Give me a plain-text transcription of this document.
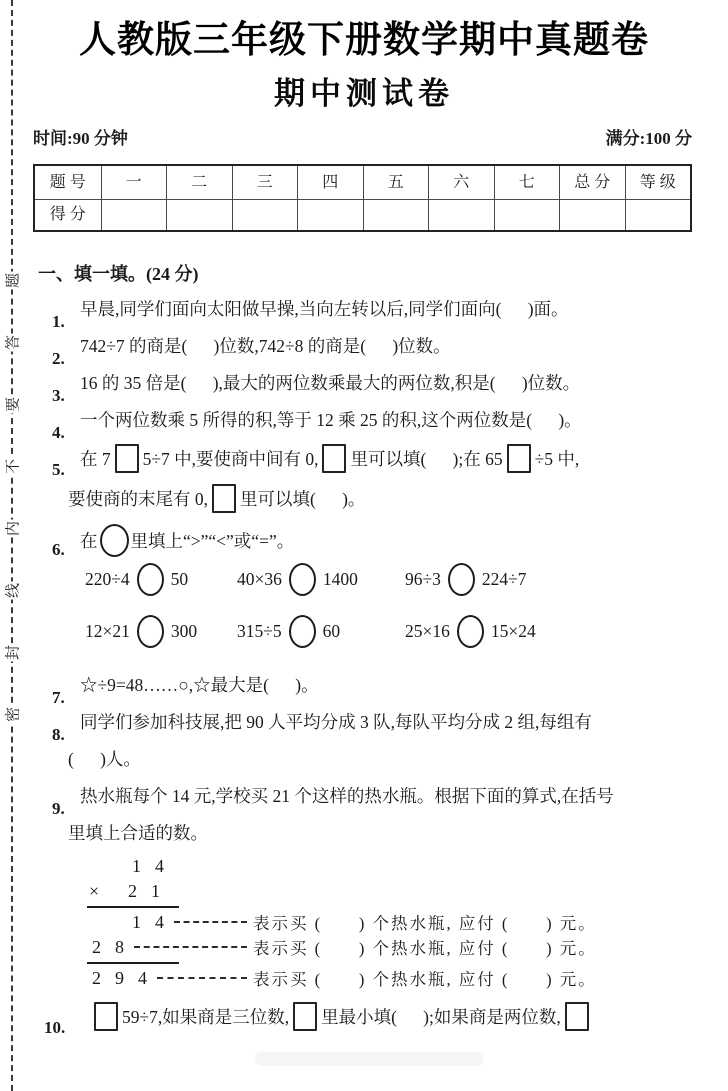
题
答
要
不
内
线
封
密
人教版三年级下册数学期中真题卷
期中测试卷
时间:90 分钟	满分:100 分
题 号	一	二	三	四	五	六	七	总 分	等 级
得 分
一、填一填。(24 分)
1.
早晨,同学们面向太阳做早操,当向左转以后,同学们面向(      )面。
2.
742÷7 的商是(      )位数,742÷8 的商是(      )位数。
3.
16 的 35 倍是(      ),最大的两位数乘最大的两位数,积是(      )位数。
4.
一个两位数乘 5 所得的积,等于 12 乘 25 的积,这个两位数是(      )。
5.
在 7 5÷7 中,要使商中间有 0, 里可以填(      );在 65 ÷5 中,
要使商的末尾有 0, 里可以填(      )。
6. 在 里填上“>”“<”或“=”。
220÷4 50	40×36 1400	96÷3 224÷7
12×21 300 315÷5 60	25×16 15×24
7.
☆÷9=48……○,☆最大是(      )。
8.
同学们参加科技展,把 90 人平均分成 3 队,每队平均分成 2 组,每组有
(      )人。
9.
热水瓶每个 14 元,学校买 21 个这样的热水瓶。根据下面的算式,在括号
里填上合适的数。
1 4
×	2 1
1 4	表示买 (      ) 个热水瓶, 应付 (      ) 元。
2 8	表示买 (      ) 个热水瓶, 应付 (      ) 元。
2 9 4	表示买 (      ) 个热水瓶, 应付 (      ) 元。
10.
59÷7,如果商是三位数, 里最小填(      );如果商是两位数,
